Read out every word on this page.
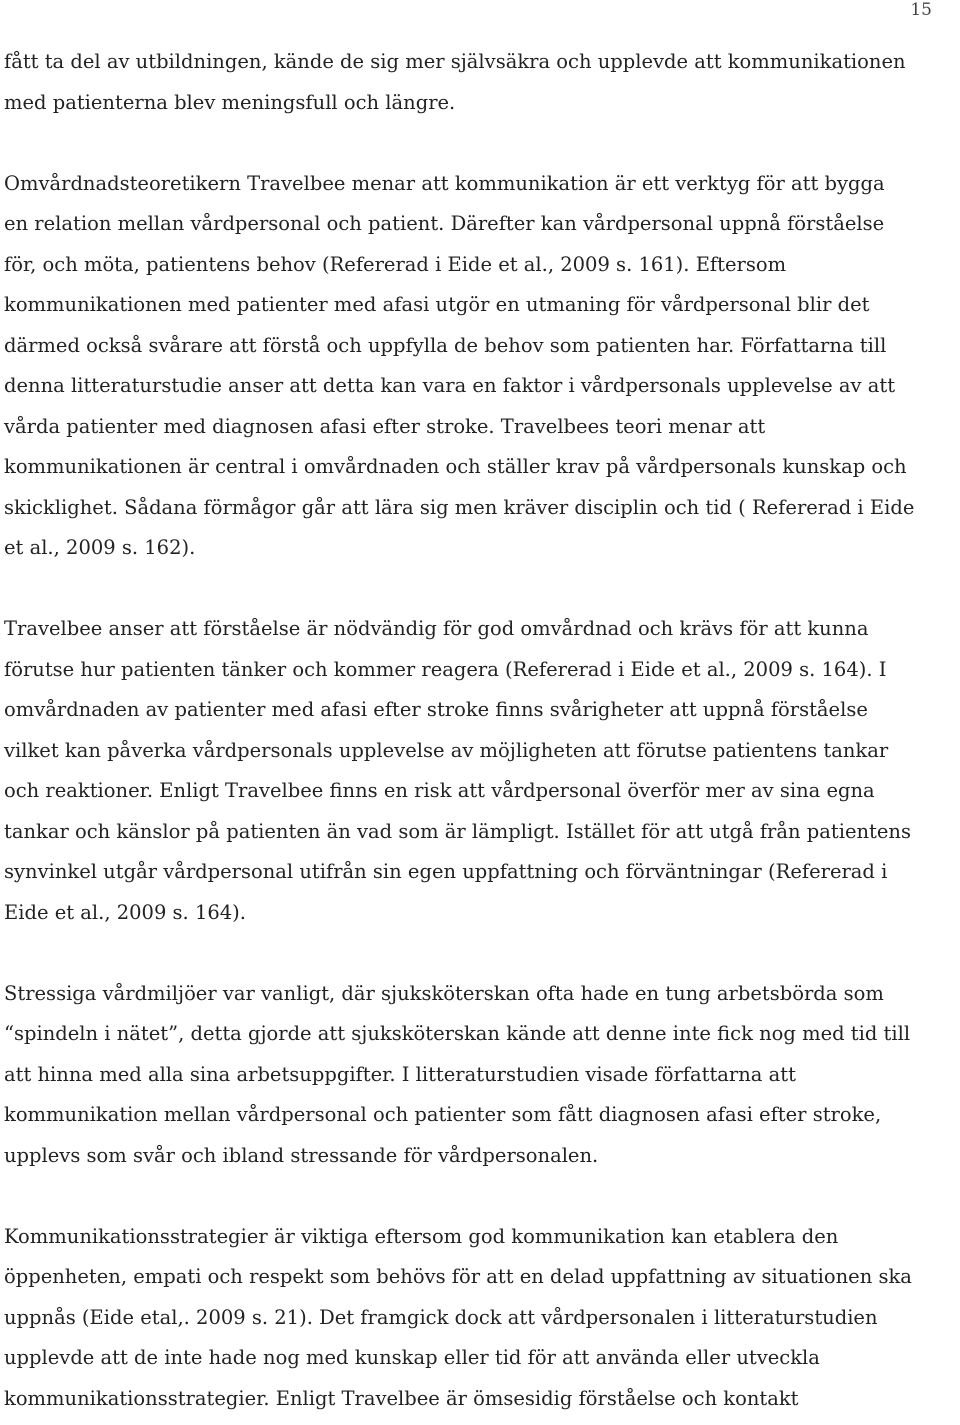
15

fått ta del av utbildningen, kände de sig mer självsäkra och upplevde att kommunikationen
med patienterna blev meningsfull och längre.

Omvårdnadsteoretikern Travelbee menar att kommunikation är ett verktyg för att bygga
en relation mellan vårdpersonal och patient. Därefter kan vårdpersonal uppnå förståelse
för, och möta, patientens behov (Refererad i Eide et al., 2009 s. 161). Eftersom
kommunikationen med patienter med afasi utgör en utmaning för vårdpersonal blir det
därmed också svårare att förstå och uppfylla de behov som patienten har. Författarna till
denna litteraturstudie anser att detta kan vara en faktor i vårdpersonals upplevelse av att
vårda patienter med diagnosen afasi efter stroke. Travelbees teori menar att
kommunikationen är central i omvårdnaden och ställer krav på vårdpersonals kunskap och
skicklighet. Sådana förmågor går att lära sig men kräver disciplin och tid ( Refererad i Eide
et al., 2009 s. 162).

Travelbee anser att förståelse är nödvändig för god omvårdnad och krävs för att kunna
förutse hur patienten tänker och kommer reagera (Refererad i Eide et al., 2009 s. 164). I
omvårdnaden av patienter med afasi efter stroke finns svårigheter att uppnå förståelse
vilket kan påverka vårdpersonals upplevelse av möjligheten att förutse patientens tankar
och reaktioner. Enligt Travelbee finns en risk att vårdpersonal överför mer av sina egna
tankar och känslor på patienten än vad som är lämpligt. Istället för att utgå från patientens
synvinkel utgår vårdpersonal utifrån sin egen uppfattning och förväntningar (Refererad i
Eide et al., 2009 s. 164).

Stressiga vårdmiljöer var vanligt, där sjuksköterskan ofta hade en tung arbetsbörda som
“spindeln i nätet”, detta gjorde att sjuksköterskan kände att denne inte fick nog med tid till
att hinna med alla sina arbetsuppgifter. I litteraturstudien visade författarna att
kommunikation mellan vårdpersonal och patienter som fått diagnosen afasi efter stroke,
upplevs som svår och ibland stressande för vårdpersonalen.

Kommunikationsstrategier är viktiga eftersom god kommunikation kan etablera den
öppenheten, empati och respekt som behövs för att en delad uppfattning av situationen ska
uppnås (Eide etal,. 2009 s. 21). Det framgick dock att vårdpersonalen i litteraturstudien
upplevde att de inte hade nog med kunskap eller tid för att använda eller utveckla
kommunikationsstrategier. Enligt Travelbee är ömsesidig förståelse och kontakt
